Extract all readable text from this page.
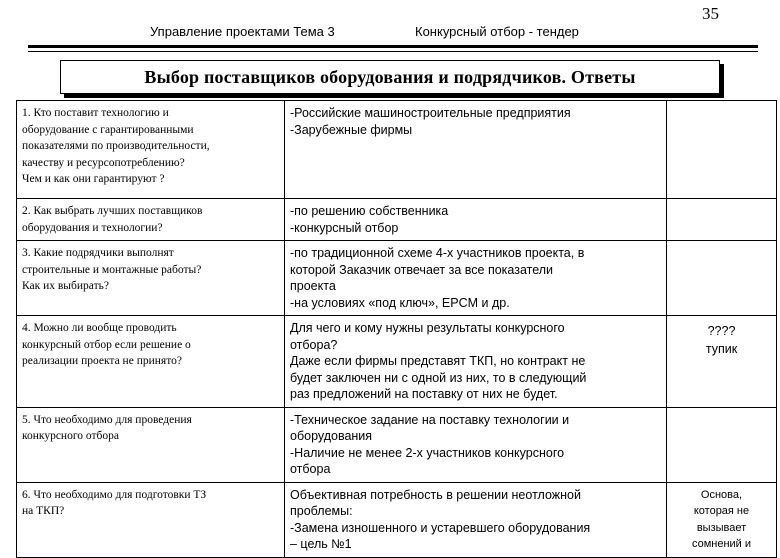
Управление проектами Тема 3	Конкурсный отбор - тендер
35
Выбор поставщиков оборудования и подрядчиков. Ответы
1. Кто поставит технологию и
оборудование с гарантированными
показателями по производительности,
качеству и ресурсопотреблению?
Чем и как они гарантируют ?	-Российские машиностроительные предприятия
-Зарубежные фирмы	

2. Как выбрать лучших поставщиков
оборудования и технологии?	-по решению собственника
-конкурсный отбор	

3. Какие подрядчики выполнят
строительные и монтажные работы?
Как их выбирать?	-по традиционной схеме 4-х участников проекта, в
которой Заказчик отвечает за все показатели
проекта
-на условиях «под ключ», EPCM и др.	

4. Можно ли вообще проводить
конкурсный отбор если решение о
реализации проекта не принято?	Для чего и кому нужны результаты конкурсного
отбора?
Даже если фирмы представят ТКП, но контракт не
будет заключен ни с одной из них, то в следующий
раз предложений на поставку от них не будет.	????
тупик

5. Что необходимо для проведения
конкурсного отбора	-Техническое задание на поставку технологии и
оборудования
-Наличие не менее 2-х участников конкурсного
отбора	

6. Что необходимо для подготовки ТЗ
на ТКП?	Объективная потребность в решении неотложной
проблемы:
-Замена изношенного и устаревшего оборудования
– цель №1	Основа,
которая не
вызывает
сомнений и
